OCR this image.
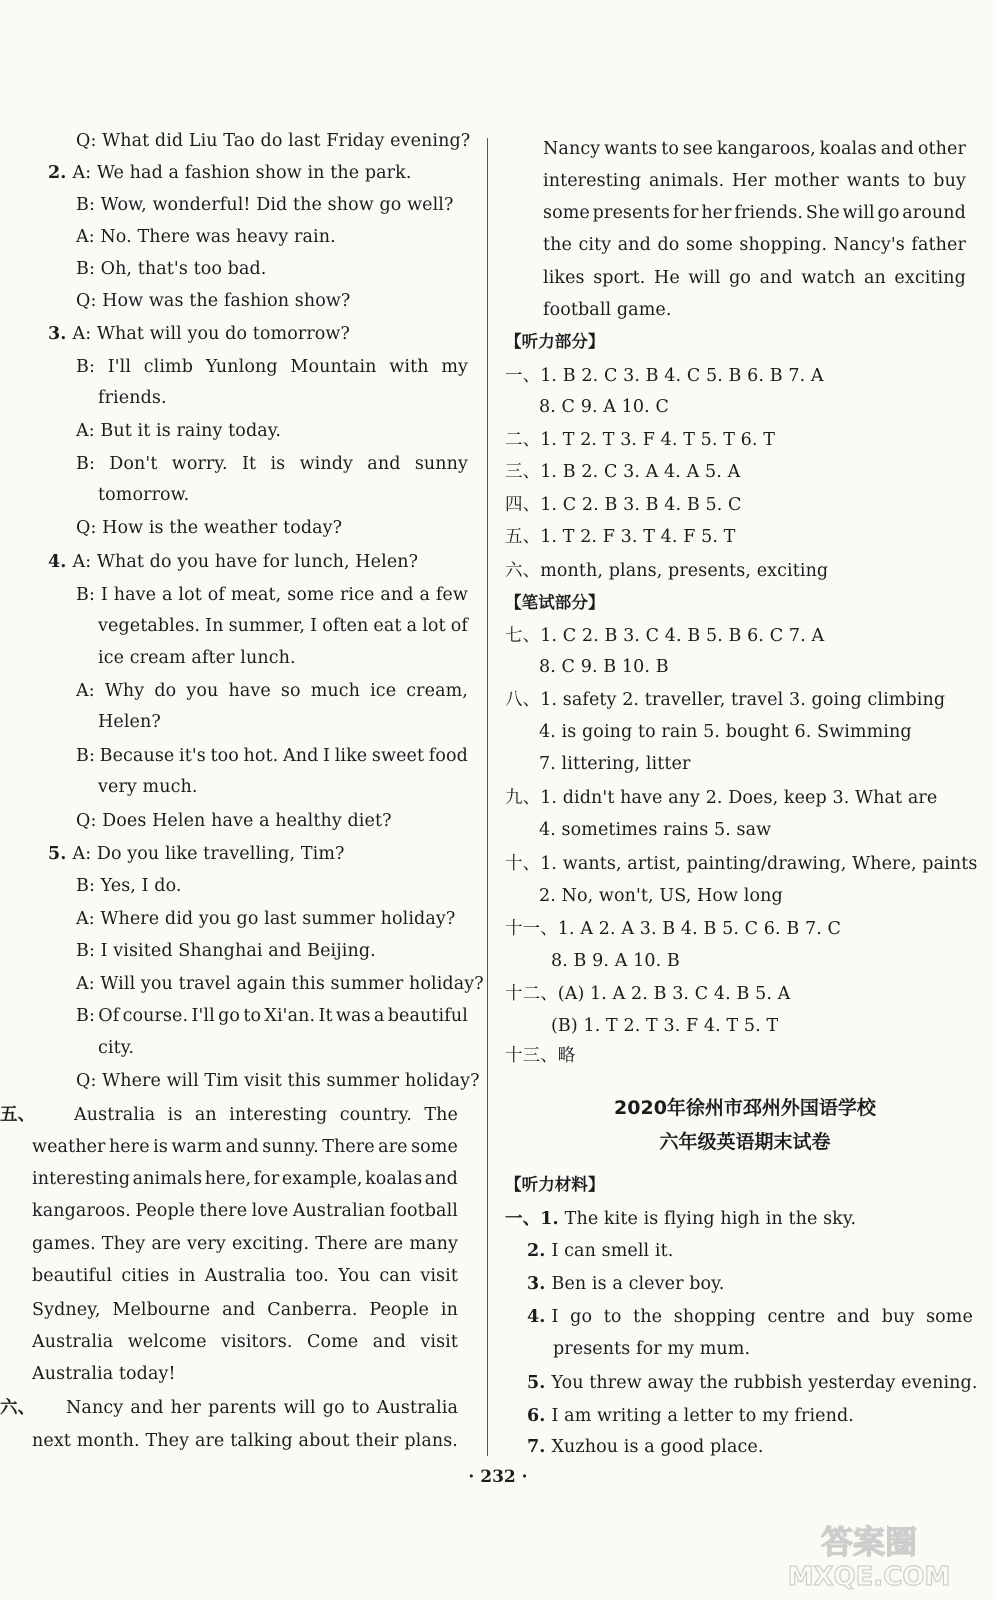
Q: What did Liu Tao do last Friday evening?
2. A: We had a fashion show in the park.
B: Wow, wonderful! Did the show go well?
A: No. There was heavy rain.
B: Oh, that's too bad.
Q: How was the fashion show?
3. A: What will you do tomorrow?
B: I'll climb Yunlong Mountain with my
friends.
A: But it is rainy today.
B: Don't worry. It is windy and sunny
tomorrow.
Q: How is the weather today?
4. A: What do you have for lunch, Helen?
B: I have a lot of meat, some rice and a few
vegetables. In summer, I often eat a lot of
ice cream after lunch.
A: Why do you have so much ice cream,
Helen?
B: Because it's too hot. And I like sweet food
very much.
Q: Does Helen have a healthy diet?
5. A: Do you like travelling, Tim?
B: Yes, I do.
A: Where did you go last summer holiday?
B: I visited Shanghai and Beijing.
A: Will you travel again this summer holiday?
B: Of course. I'll go to Xi'an. It was a beautiful
city.
Q: Where will Tim visit this summer holiday?
五、 Australia is an interesting country. The
weather here is warm and sunny. There are some
interesting animals here, for example, koalas and
kangaroos. People there love Australian football
games. They are very exciting. There are many
beautiful cities in Australia too. You can visit
Sydney, Melbourne and Canberra. People in
Australia welcome visitors. Come and visit
Australia today!
六、 Nancy and her parents will go to Australia
next month. They are talking about their plans.
Nancy wants to see kangaroos, koalas and other
interesting animals. Her mother wants to buy
some presents for her friends. She will go around
the city and do some shopping. Nancy's father
likes sport. He will go and watch an exciting
football game.
【听力部分】
一、1. B 2. C 3. B 4. C 5. B 6. B 7. A
8. C 9. A 10. C
二、1. T 2. T 3. F 4. T 5. T 6. T
三、1. B 2. C 3. A 4. A 5. A
四、1. C 2. B 3. B 4. B 5. C
五、1. T 2. F 3. T 4. F 5. T
六、month, plans, presents, exciting
【笔试部分】
七、1. C 2. B 3. C 4. B 5. B 6. C 7. A
8. C 9. B 10. B
八、1. safety 2. traveller, travel 3. going climbing
4. is going to rain 5. bought 6. Swimming
7. littering, litter
九、1. didn't have any 2. Does, keep 3. What are
4. sometimes rains 5. saw
十、1. wants, artist, painting/drawing, Where, paints
2. No, won't, US, How long
十一、1. A 2. A 3. B 4. B 5. C 6. B 7. C
8. B 9. A 10. B
十二、(A) 1. A 2. B 3. C 4. B 5. A
(B) 1. T 2. T 3. F 4. T 5. T
十三、略
2020年徐州市邳州外国语学校
六年级英语期末试卷
【听力材料】
一、1. The kite is flying high in the sky.
2. I can smell it.
3. Ben is a clever boy.
4. I go to the shopping centre and buy some
presents for my mum.
5. You threw away the rubbish yesterday evening.
6. I am writing a letter to my friend.
7. Xuzhou is a good place.
· 232 ·
答案圈
MXQE.COM
